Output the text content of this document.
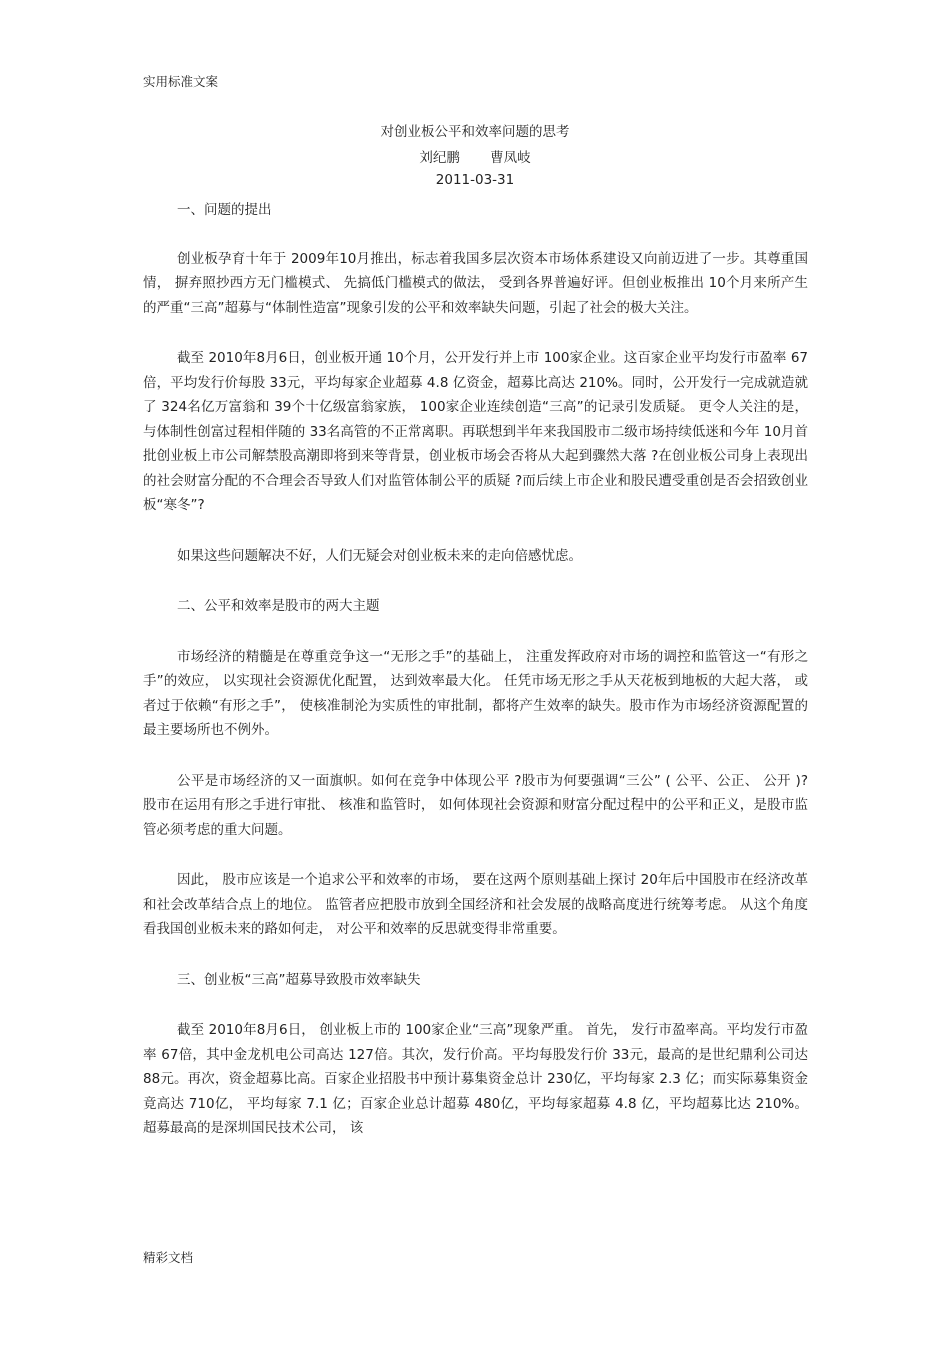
实用标准文案
对创业板公平和效率问题的思考
刘纪鹏 曹凤岐
2011-03-31

一、问题的提出

创业板孕育十年于 2009年10月推出，标志着我国多层次资本市场体系建设又向前迈进了一步。其尊重国情， 摒弃照抄西方无门槛模式、 先搞低门槛模式的做法， 受到各界普遍好评。但创业板推出 10个月来所产生的严重“三高”超募与“体制性造富”现象引发的公平和效率缺失问题，引起了社会的极大关注。

截至 2010年8月6日，创业板开通 10个月，公开发行并上市 100家企业。这百家企业平均发行市盈率 67倍，平均发行价每股 33元，平均每家企业超募 4.8 亿资金，超募比高达 210%。同时，公开发行一完成就造就了 324名亿万富翁和 39个十亿级富翁家族， 100家企业连续创造“三高”的记录引发质疑。 更令人关注的是， 与体制性创富过程相伴随的 33名高管的不正常离职。再联想到半年来我国股市二级市场持续低迷和今年 10月首批创业板上市公司解禁股高潮即将到来等背景，创业板市场会否将从大起到骤然大落 ?在创业板公司身上表现出的社会财富分配的不合理会否导致人们对监管体制公平的质疑 ?而后续上市企业和股民遭受重创是否会招致创业板“寒冬”?

如果这些问题解决不好，人们无疑会对创业板未来的走向倍感忧虑。

二、公平和效率是股市的两大主题

市场经济的精髓是在尊重竞争这一“无形之手”的基础上， 注重发挥政府对市场的调控和监管这一“有形之手”的效应， 以实现社会资源优化配置， 达到效率最大化。 任凭市场无形之手从天花板到地板的大起大落， 或者过于依赖“有形之手”， 使核准制沦为实质性的审批制，都将产生效率的缺失。股市作为市场经济资源配置的最主要场所也不例外。

公平是市场经济的又一面旗帜。如何在竞争中体现公平 ?股市为何要强调“三公” ( 公平、公正、 公开 )? 股市在运用有形之手进行审批、 核准和监管时， 如何体现社会资源和财富分配过程中的公平和正义，是股市监管必须考虑的重大问题。

因此， 股市应该是一个追求公平和效率的市场， 要在这两个原则基础上探讨 20年后中国股市在经济改革和社会改革结合点上的地位。 监管者应把股市放到全国经济和社会发展的战略高度进行统筹考虑。 从这个角度看我国创业板未来的路如何走， 对公平和效率的反思就变得非常重要。

三、创业板“三高”超募导致股市效率缺失

截至 2010年8月6日， 创业板上市的 100家企业“三高”现象严重。 首先， 发行市盈率高。平均发行市盈率 67倍，其中金龙机电公司高达 127倍。其次，发行价高。平均每股发行价 33元，最高的是世纪鼎利公司达 88元。再次，资金超募比高。百家企业招股书中预计募集资金总计 230亿，平均每家 2.3 亿；而实际募集资金竟高达 710亿， 平均每家 7.1 亿；百家企业总计超募 480亿，平均每家超募 4.8 亿，平均超募比达 210%。超募最高的是深圳国民技术公司， 该

精彩文档
